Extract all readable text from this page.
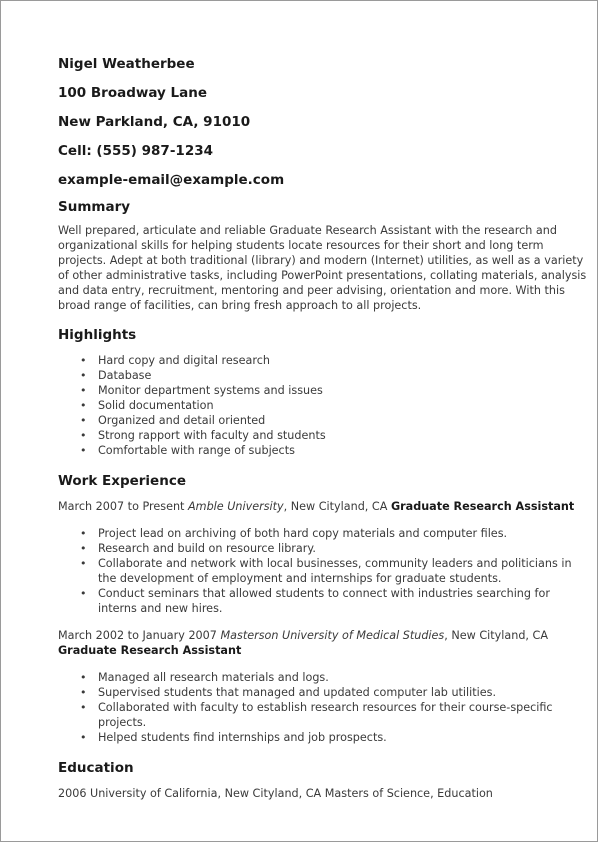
Nigel Weatherbee

100 Broadway Lane

New Parkland, CA, 91010

Cell: (555) 987-1234

example-email@example.com

Summary

Well prepared, articulate and reliable Graduate Research Assistant with the research and organizational skills for helping students locate resources for their short and long term projects. Adept at both traditional (library) and modern (Internet) utilities, as well as a variety of other administrative tasks, including PowerPoint presentations, collating materials, analysis and data entry, recruitment, mentoring and peer advising, orientation and more. With this broad range of facilities, can bring fresh approach to all projects.

Highlights
• Hard copy and digital research
• Database
• Monitor department systems and issues
• Solid documentation
• Organized and detail oriented
• Strong rapport with faculty and students
• Comfortable with range of subjects
Work Experience

March 2007 to Present Amble University, New Cityland, CA Graduate Research Assistant

• Project lead on archiving of both hard copy materials and computer files.
• Research and build on resource library.
• Collaborate and network with local businesses, community leaders and politicians in the development of employment and internships for graduate students.
• Conduct seminars that allowed students to connect with industries searching for interns and new hires.

March 2002 to January 2007 Masterson University of Medical Studies, New Cityland, CA Graduate Research Assistant

• Managed all research materials and logs.
• Supervised students that managed and updated computer lab utilities.
• Collaborated with faculty to establish research resources for their course-specific projects.
• Helped students find internships and job prospects.
Education

2006 University of California, New Cityland, CA Masters of Science, Education
